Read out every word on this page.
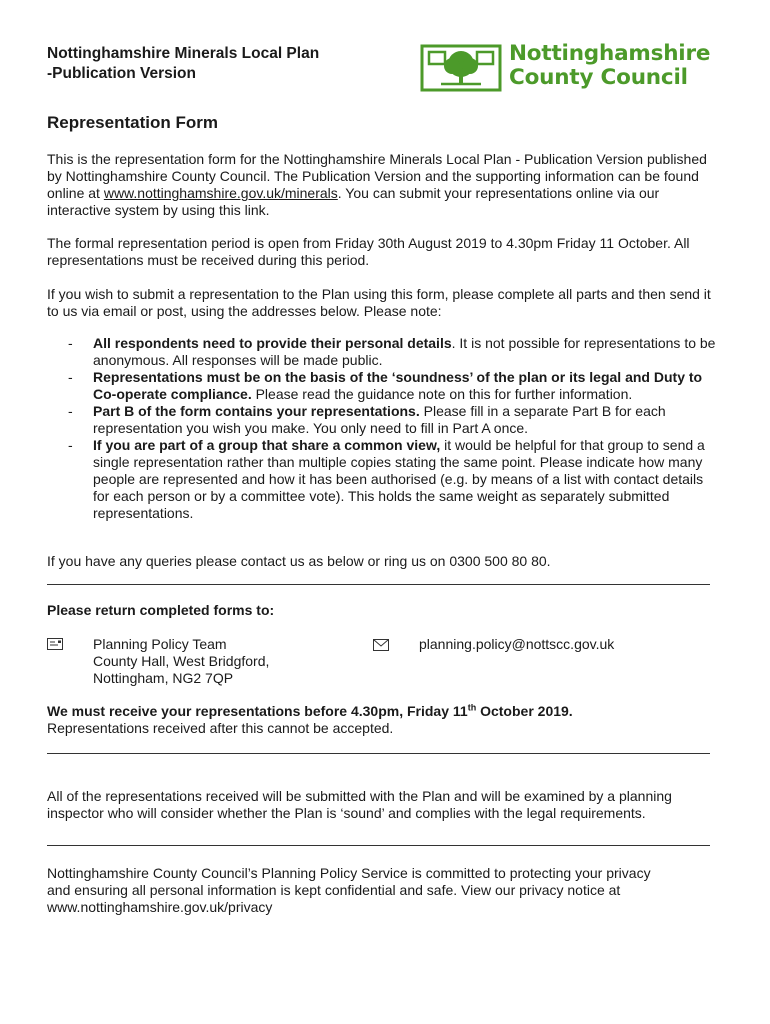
Nottinghamshire Minerals Local Plan
-Publication Version
Nottinghamshire
County Council
Representation Form
This is the representation form for the Nottinghamshire Minerals Local Plan - Publication Version published by Nottinghamshire County Council. The Publication Version and the supporting information can be found online at www.nottinghamshire.gov.uk/minerals. You can submit your representations online via our interactive system by using this link.
The formal representation period is open from Friday 30th August 2019 to 4.30pm Friday 11 October. All representations must be received during this period.
If you wish to submit a representation to the Plan using this form, please complete all parts and then send it to us via email or post, using the addresses below. Please note:
- All respondents need to provide their personal details. It is not possible for representations to be anonymous. All responses will be made public.
- Representations must be on the basis of the ‘soundness’ of the plan or its legal and Duty to Co-operate compliance. Please read the guidance note on this for further information.
- Part B of the form contains your representations. Please fill in a separate Part B for each representation you wish you make. You only need to fill in Part A once.
- If you are part of a group that share a common view, it would be helpful for that group to send a single representation rather than multiple copies stating the same point. Please indicate how many people are represented and how it has been authorised (e.g. by means of a list with contact details for each person or by a committee vote). This holds the same weight as separately submitted representations.
If you have any queries please contact us as below or ring us on 0300 500 80 80.
Please return completed forms to:
Planning Policy Team
County Hall, West Bridgford,
Nottingham, NG2 7QP
planning.policy@nottscc.gov.uk
We must receive your representations before 4.30pm, Friday 11th October 2019.
Representations received after this cannot be accepted.
All of the representations received will be submitted with the Plan and will be examined by a planning inspector who will consider whether the Plan is ‘sound’ and complies with the legal requirements.
Nottinghamshire County Council’s Planning Policy Service is committed to protecting your privacy
and ensuring all personal information is kept confidential and safe. View our privacy notice at
www.nottinghamshire.gov.uk/privacy
